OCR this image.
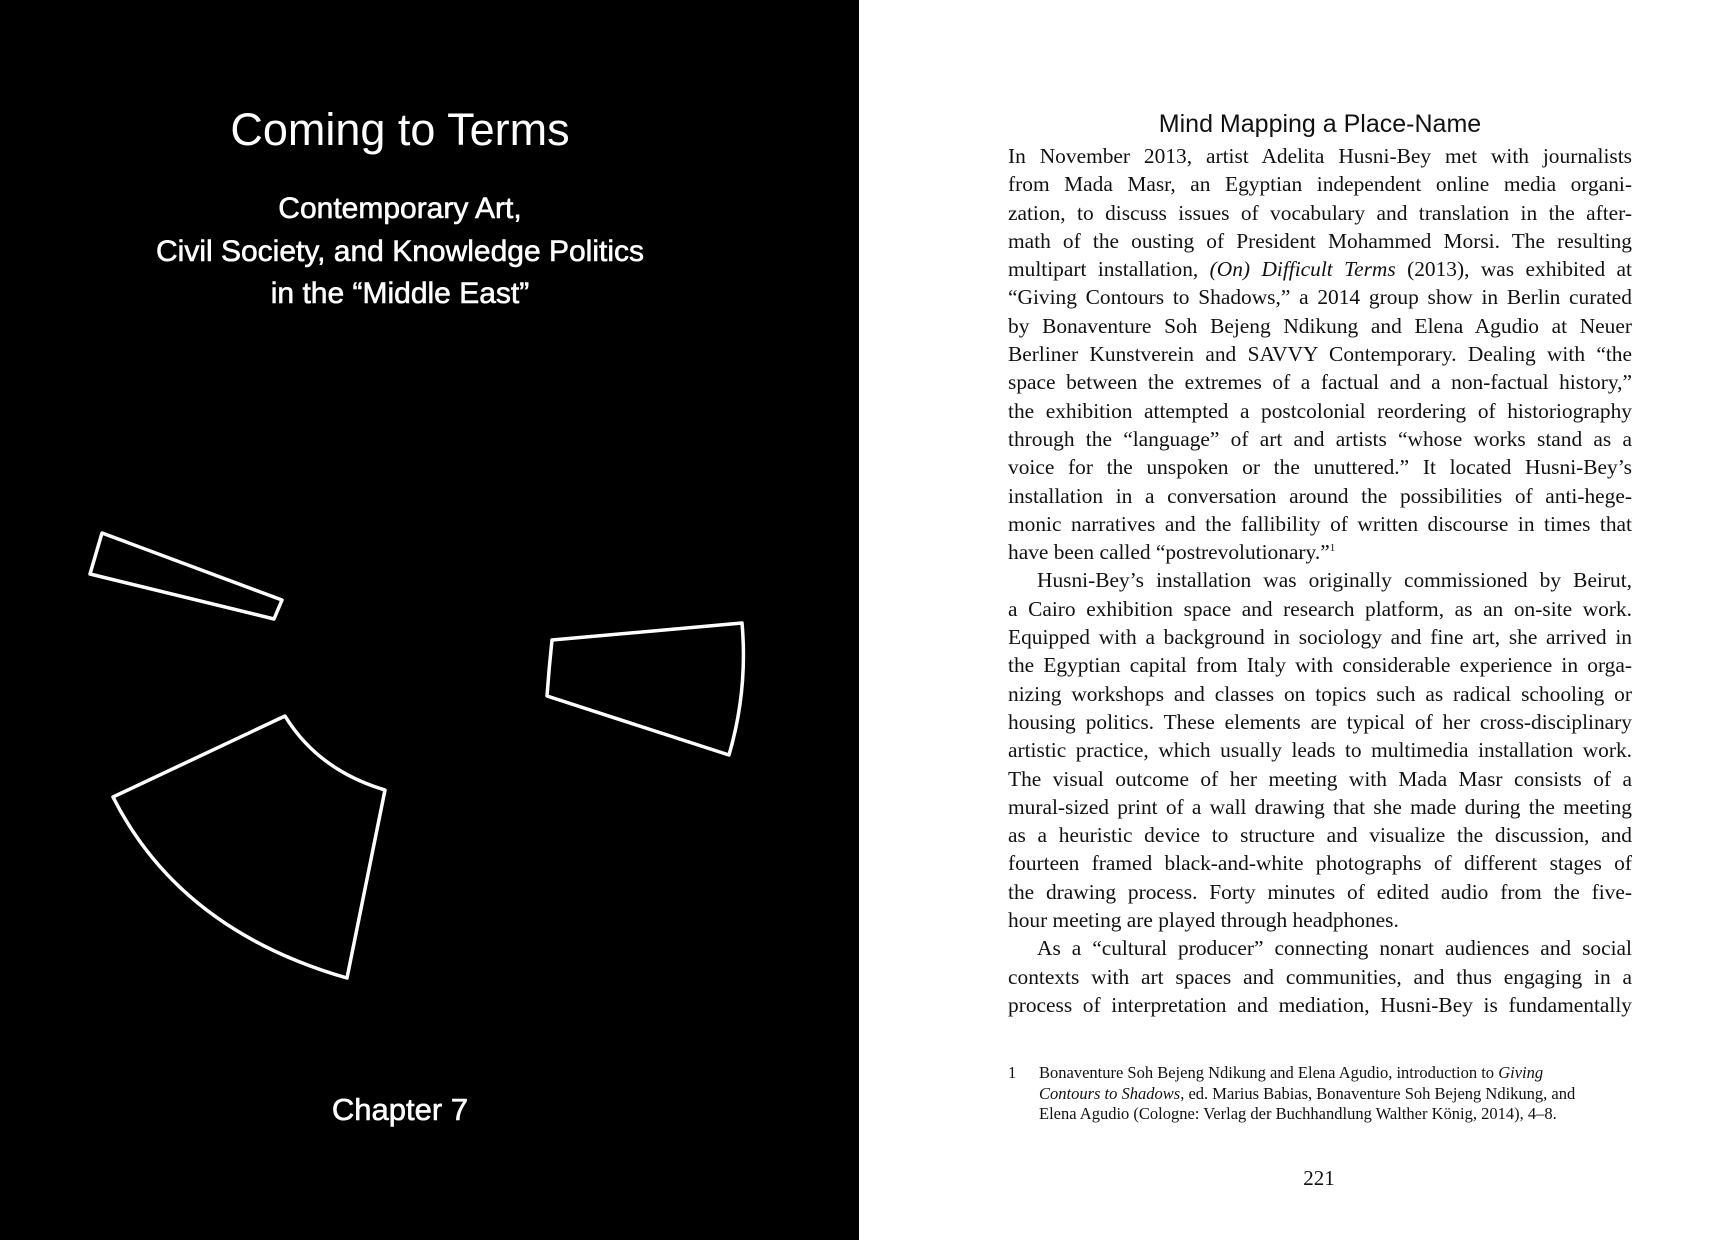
Coming to Terms
Contemporary Art,
Civil Society, and Knowledge Politics
in the “Middle East”
Chapter 7
Mind Mapping a Place-Name
In November 2013, artist Adelita Husni-Bey met with journalists
from Mada Masr, an Egyptian independent online media organi-
zation, to discuss issues of vocabulary and translation in the after-
math of the ousting of President Mohammed Morsi. The resulting
multipart installation, (On) Difficult Terms (2013), was exhibited at
“Giving Contours to Shadows,” a 2014 group show in Berlin curated
by Bonaventure Soh Bejeng Ndikung and Elena Agudio at Neuer
Berliner Kunstverein and SAVVY Contemporary. Dealing with “the
space between the extremes of a factual and a non-factual history,”
the exhibition attempted a postcolonial reordering of historiography
through the “language” of art and artists “whose works stand as a
voice for the unspoken or the unuttered.” It located Husni-Bey’s
installation in a conversation around the possibilities of anti-hege-
monic narratives and the fallibility of written discourse in times that
have been called “postrevolutionary.”$^1$
Husni-Bey’s installation was originally commissioned by Beirut,
a Cairo exhibition space and research platform, as an on-site work.
Equipped with a background in sociology and fine art, she arrived in
the Egyptian capital from Italy with considerable experience in orga-
nizing workshops and classes on topics such as radical schooling or
housing politics. These elements are typical of her cross-disciplinary
artistic practice, which usually leads to multimedia installation work.
The visual outcome of her meeting with Mada Masr consists of a
mural-sized print of a wall drawing that she made during the meeting
as a heuristic device to structure and visualize the discussion, and
fourteen framed black-and-white photographs of different stages of
the drawing process. Forty minutes of edited audio from the five-
hour meeting are played through headphones.
As a “cultural producer” connecting nonart audiences and social
contexts with art spaces and communities, and thus engaging in a
process of interpretation and mediation, Husni-Bey is fundamentally
1 Bonaventure Soh Bejeng Ndikung and Elena Agudio, introduction to Giving
Contours to Shadows, ed. Marius Babias, Bonaventure Soh Bejeng Ndikung, and
Elena Agudio (Cologne: Verlag der Buchhandlung Walther König, 2014), 4–8.
221
